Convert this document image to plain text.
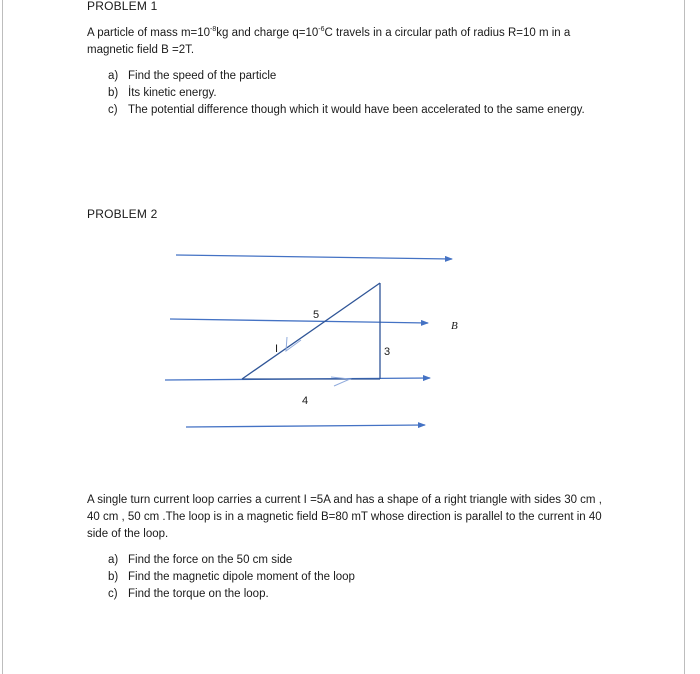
PROBLEM 1
A particle of mass $m=10^{-8}kg$ and charge $q=10^{-6}C$ travels in a circular path of radius R=10 m in a
magnetic field B =2T.
a) Find the speed of the particle
b) İts kinetic energy.
c) The potential difference though which it would have been accelerated to the same energy.
PROBLEM 2
5
3
4
I
B⃗
A single turn current loop carries a current I =5A and has a shape of a right triangle with sides 30 cm ,
40 cm , 50 cm .The loop is in a magnetic field B=80 mT whose direction is parallel to the current in 40
side of the loop.
a) Find the force on the 50 cm side
b) Find the magnetic dipole moment of the loop
c) Find the torque on the loop.
